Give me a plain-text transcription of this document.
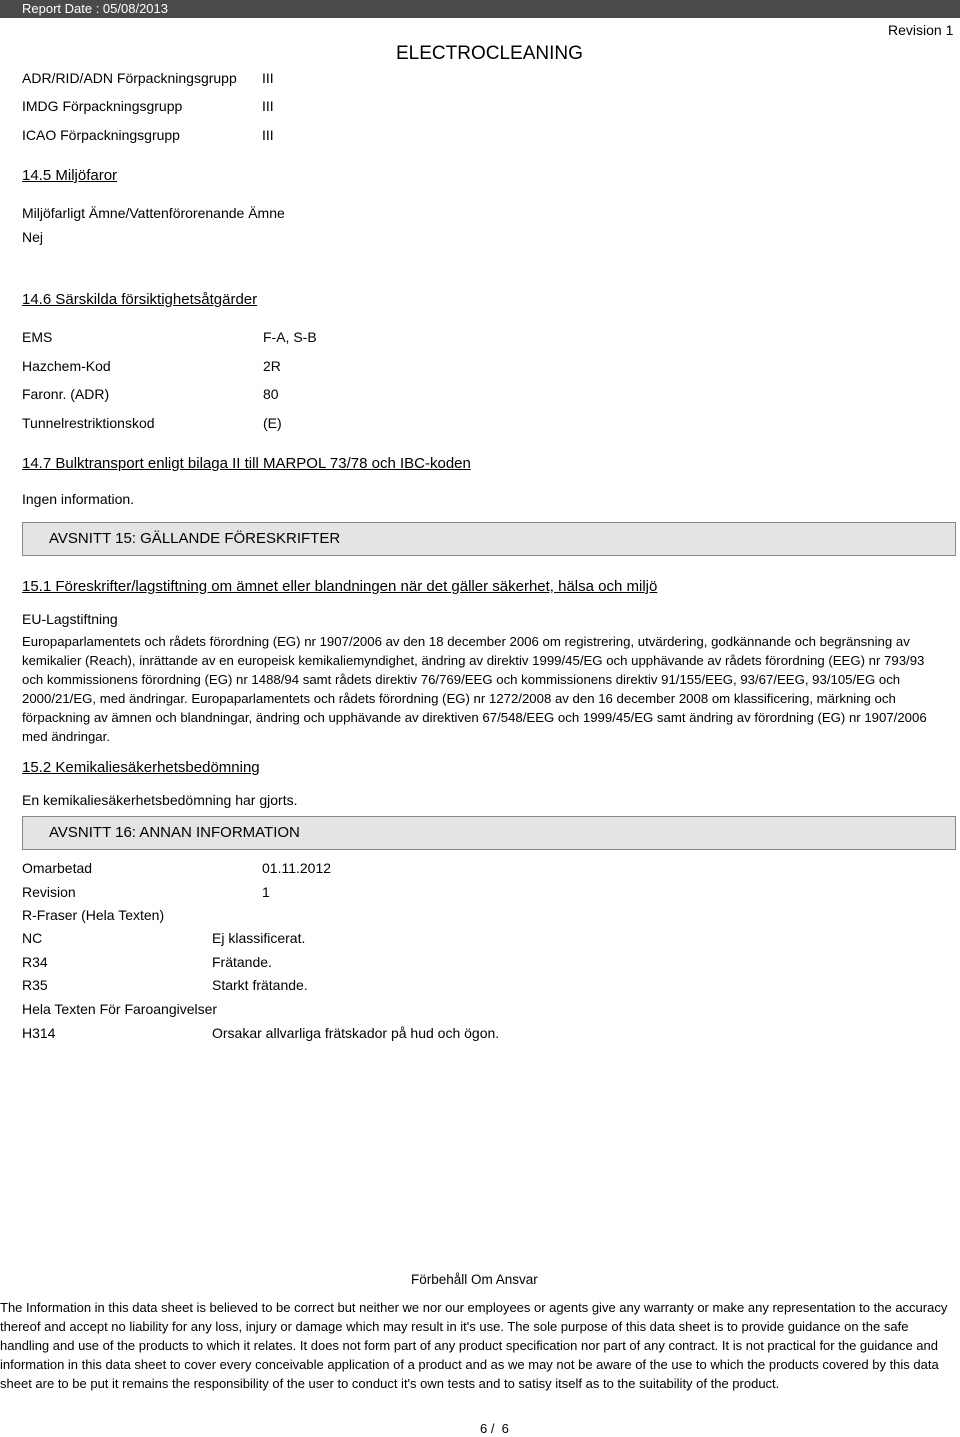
Report Date : 05/08/2013
Revision 1
ELECTROCLEANING
ADR/RID/ADN Förpackningsgrupp III
IMDG Förpackningsgrupp	III
ICAO Förpackningsgrupp	III
14.5 Miljöfaror
Miljöfarligt Ämne/Vattenförorenande Ämne
Nej
14.6 Särskilda försiktighetsåtgärder
EMS	F-A, S-B
Hazchem-Kod	2R
Faronr. (ADR)	80
Tunnelrestriktionskod	(E)
14.7 Bulktransport enligt bilaga II till MARPOL 73/78 och IBC-koden
Ingen information.
AVSNITT 15: GÄLLANDE FÖRESKRIFTER
15.1 Föreskrifter/lagstiftning om ämnet eller blandningen när det gäller säkerhet, hälsa och miljö
EU-Lagstiftning
Europaparlamentets och rådets förordning (EG) nr 1907/2006 av den 18 december 2006 om registrering, utvärdering, godkännande och begränsning av kemikalier (Reach), inrättande av en europeisk kemikaliemyndighet, ändring av direktiv 1999/45/EG och upphävande av rådets förordning (EEG) nr 793/93 och kommissionens förordning (EG) nr 1488/94 samt rådets direktiv 76/769/EEG och kommissionens direktiv 91/155/EEG, 93/67/EEG, 93/105/EG och 2000/21/EG, med ändringar. Europaparlamentets och rådets förordning (EG) nr 1272/2008 av den 16 december 2008 om klassificering, märkning och förpackning av ämnen och blandningar, ändring och upphävande av direktiven 67/548/EEG och 1999/45/EG samt ändring av förordning (EG) nr 1907/2006 med ändringar.
15.2 Kemikaliesäkerhetsbedömning
En kemikaliesäkerhetsbedömning har gjorts.
AVSNITT 16: ANNAN INFORMATION
Omarbetad	01.11.2012
Revision	1
R-Fraser (Hela Texten)
NC	Ej klassificerat.
R34	Frätande.
R35	Starkt frätande.
Hela Texten För Faroangivelser
H314	Orsakar allvarliga frätskador på hud och ögon.
Förbehåll Om Ansvar
The Information in this data sheet is believed to be correct but neither we nor our employees or agents give any warranty or make any representation to the accuracy thereof and accept no liability for any loss, injury or damage which may result in it's use. The sole purpose of this data sheet is to provide guidance on the safe handling and use of the products to which it relates. It does not form part of any product specification nor part of any contract. It is not practical for the guidance and information in this data sheet to cover every conceivable application of a product and as we may not be aware of the use to which the products covered by this data sheet are to be put it remains the responsibility of the user to conduct it's own tests and to satisy itself as to the suitability of the product.
6 /  6
